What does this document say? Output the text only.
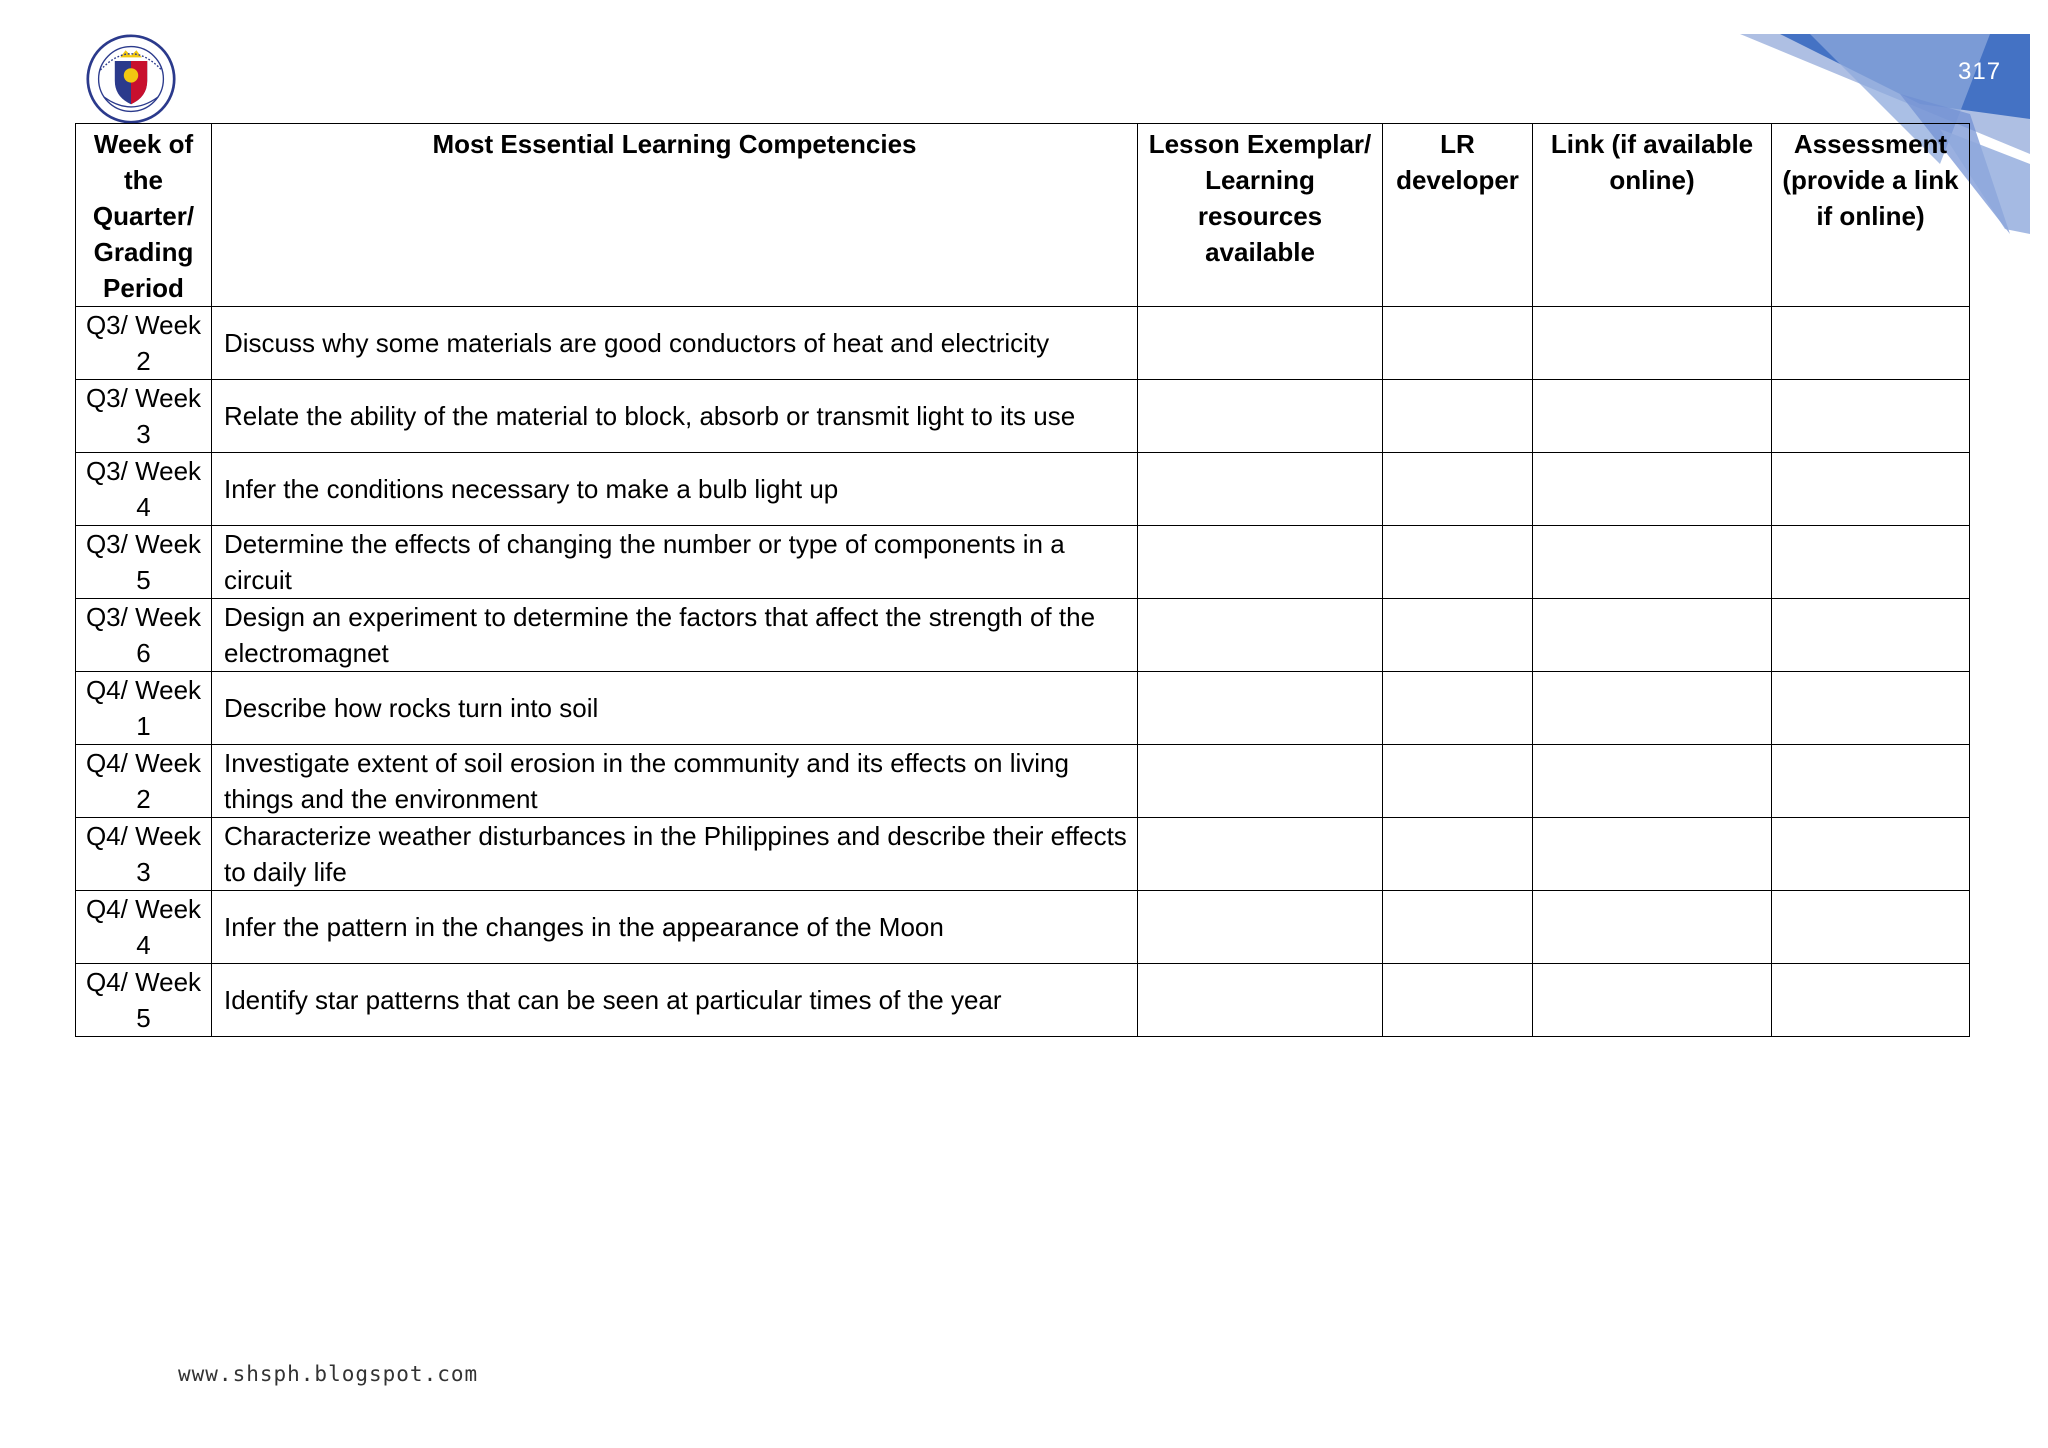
317
Week of the Quarter/ Grading Period	Most Essential Learning Competencies	Lesson Exemplar/ Learning resources available	LR developer	Link (if available online)	Assessment (provide a link if online)
Q3/ Week 2	Discuss why some materials are good conductors of heat and electricity				
Q3/ Week 3	Relate the ability of the material to block, absorb or transmit light to its use				
Q3/ Week 4	Infer the conditions necessary to make a bulb light up				
Q3/ Week 5	Determine the effects of changing the number or type of components in a circuit				
Q3/ Week 6	Design an experiment to determine the factors that affect the strength of the electromagnet				
Q4/ Week 1	Describe how rocks turn into soil				
Q4/ Week 2	Investigate extent of soil erosion in the community and its effects on living things and the environment				
Q4/ Week 3	Characterize weather disturbances in the Philippines and describe their effects to daily life				
Q4/ Week 4	Infer the pattern in the changes in the appearance of the Moon				
Q4/ Week 5	Identify star patterns that can be seen at particular times of the year				
www.shsph.blogspot.com
